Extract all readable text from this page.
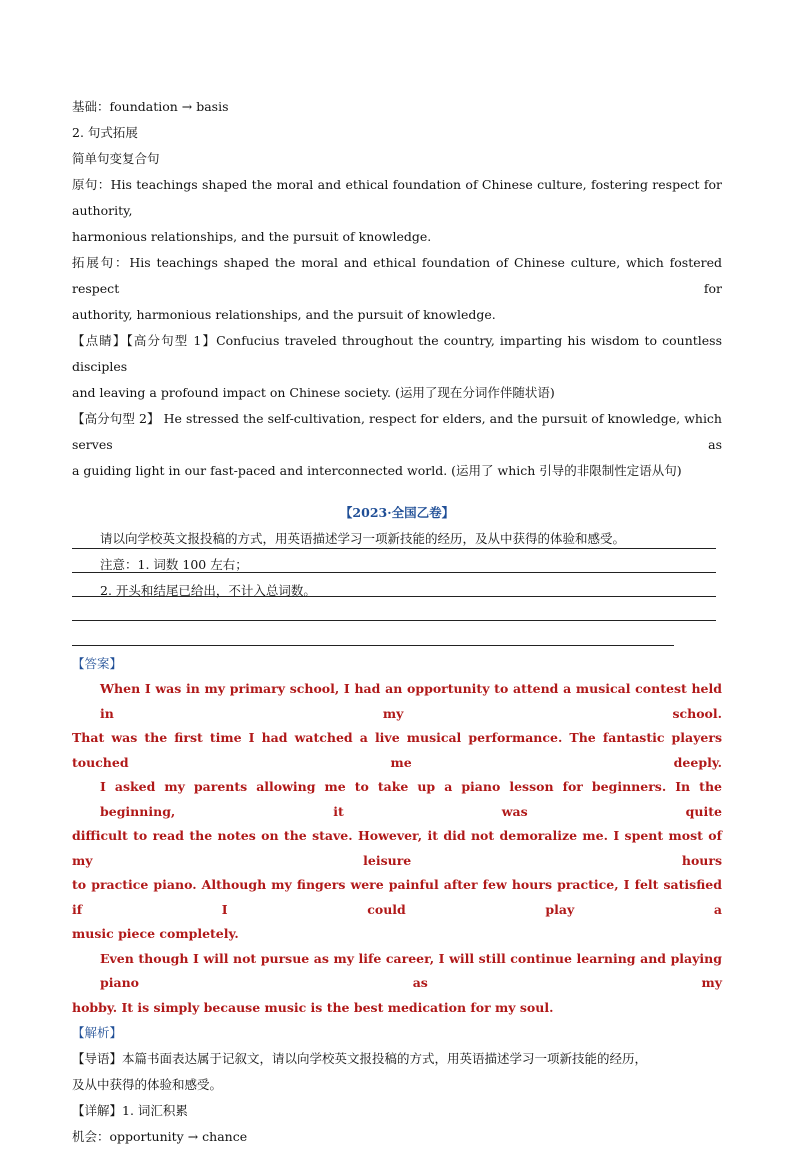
基础：foundation → basis
2. 句式拓展
简单句变复合句
原句：His teachings shaped the moral and ethical foundation of Chinese culture, fostering respect for authority,
harmonious relationships, and the pursuit of knowledge.
拓展句：His teachings shaped the moral and ethical foundation of Chinese culture, which fostered respect for
authority, harmonious relationships, and the pursuit of knowledge.
【点睛】【高分句型 1】Confucius traveled throughout the country, imparting his wisdom to countless disciples
and leaving a profound impact on Chinese society. (运用了现在分词作伴随状语)
【高分句型 2】 He stressed the self-cultivation, respect for elders, and the pursuit of knowledge, which serves as
a guiding light in our fast-paced and interconnected world. (运用了 which 引导的非限制性定语从句)
【2023·全国乙卷】
请以向学校英文报投稿的方式，用英语描述学习一项新技能的经历，及从中获得的体验和感受。
注意：1. 词数 100 左右；
2. 开头和结尾已给出，不计入总词数。
【答案】
When I was in my primary school, I had an opportunity to attend a musical contest held in my school.
That was the first time I had watched a live musical performance. The fantastic players touched me deeply.
I asked my parents allowing me to take up a piano lesson for beginners. In the beginning, it was quite
difficult to read the notes on the stave. However, it did not demoralize me. I spent most of my leisure hours
to practice piano. Although my fingers were painful after few hours practice, I felt satisfied if I could play a
music piece completely.
Even though I will not pursue as my life career, I will still continue learning and playing piano as my
hobby. It is simply because music is the best medication for my soul.
【解析】
【导语】本篇书面表达属于记叙文，请以向学校英文报投稿的方式，用英语描述学习一项新技能的经历，
及从中获得的体验和感受。
【详解】1. 词汇积累
机会：opportunity → chance
